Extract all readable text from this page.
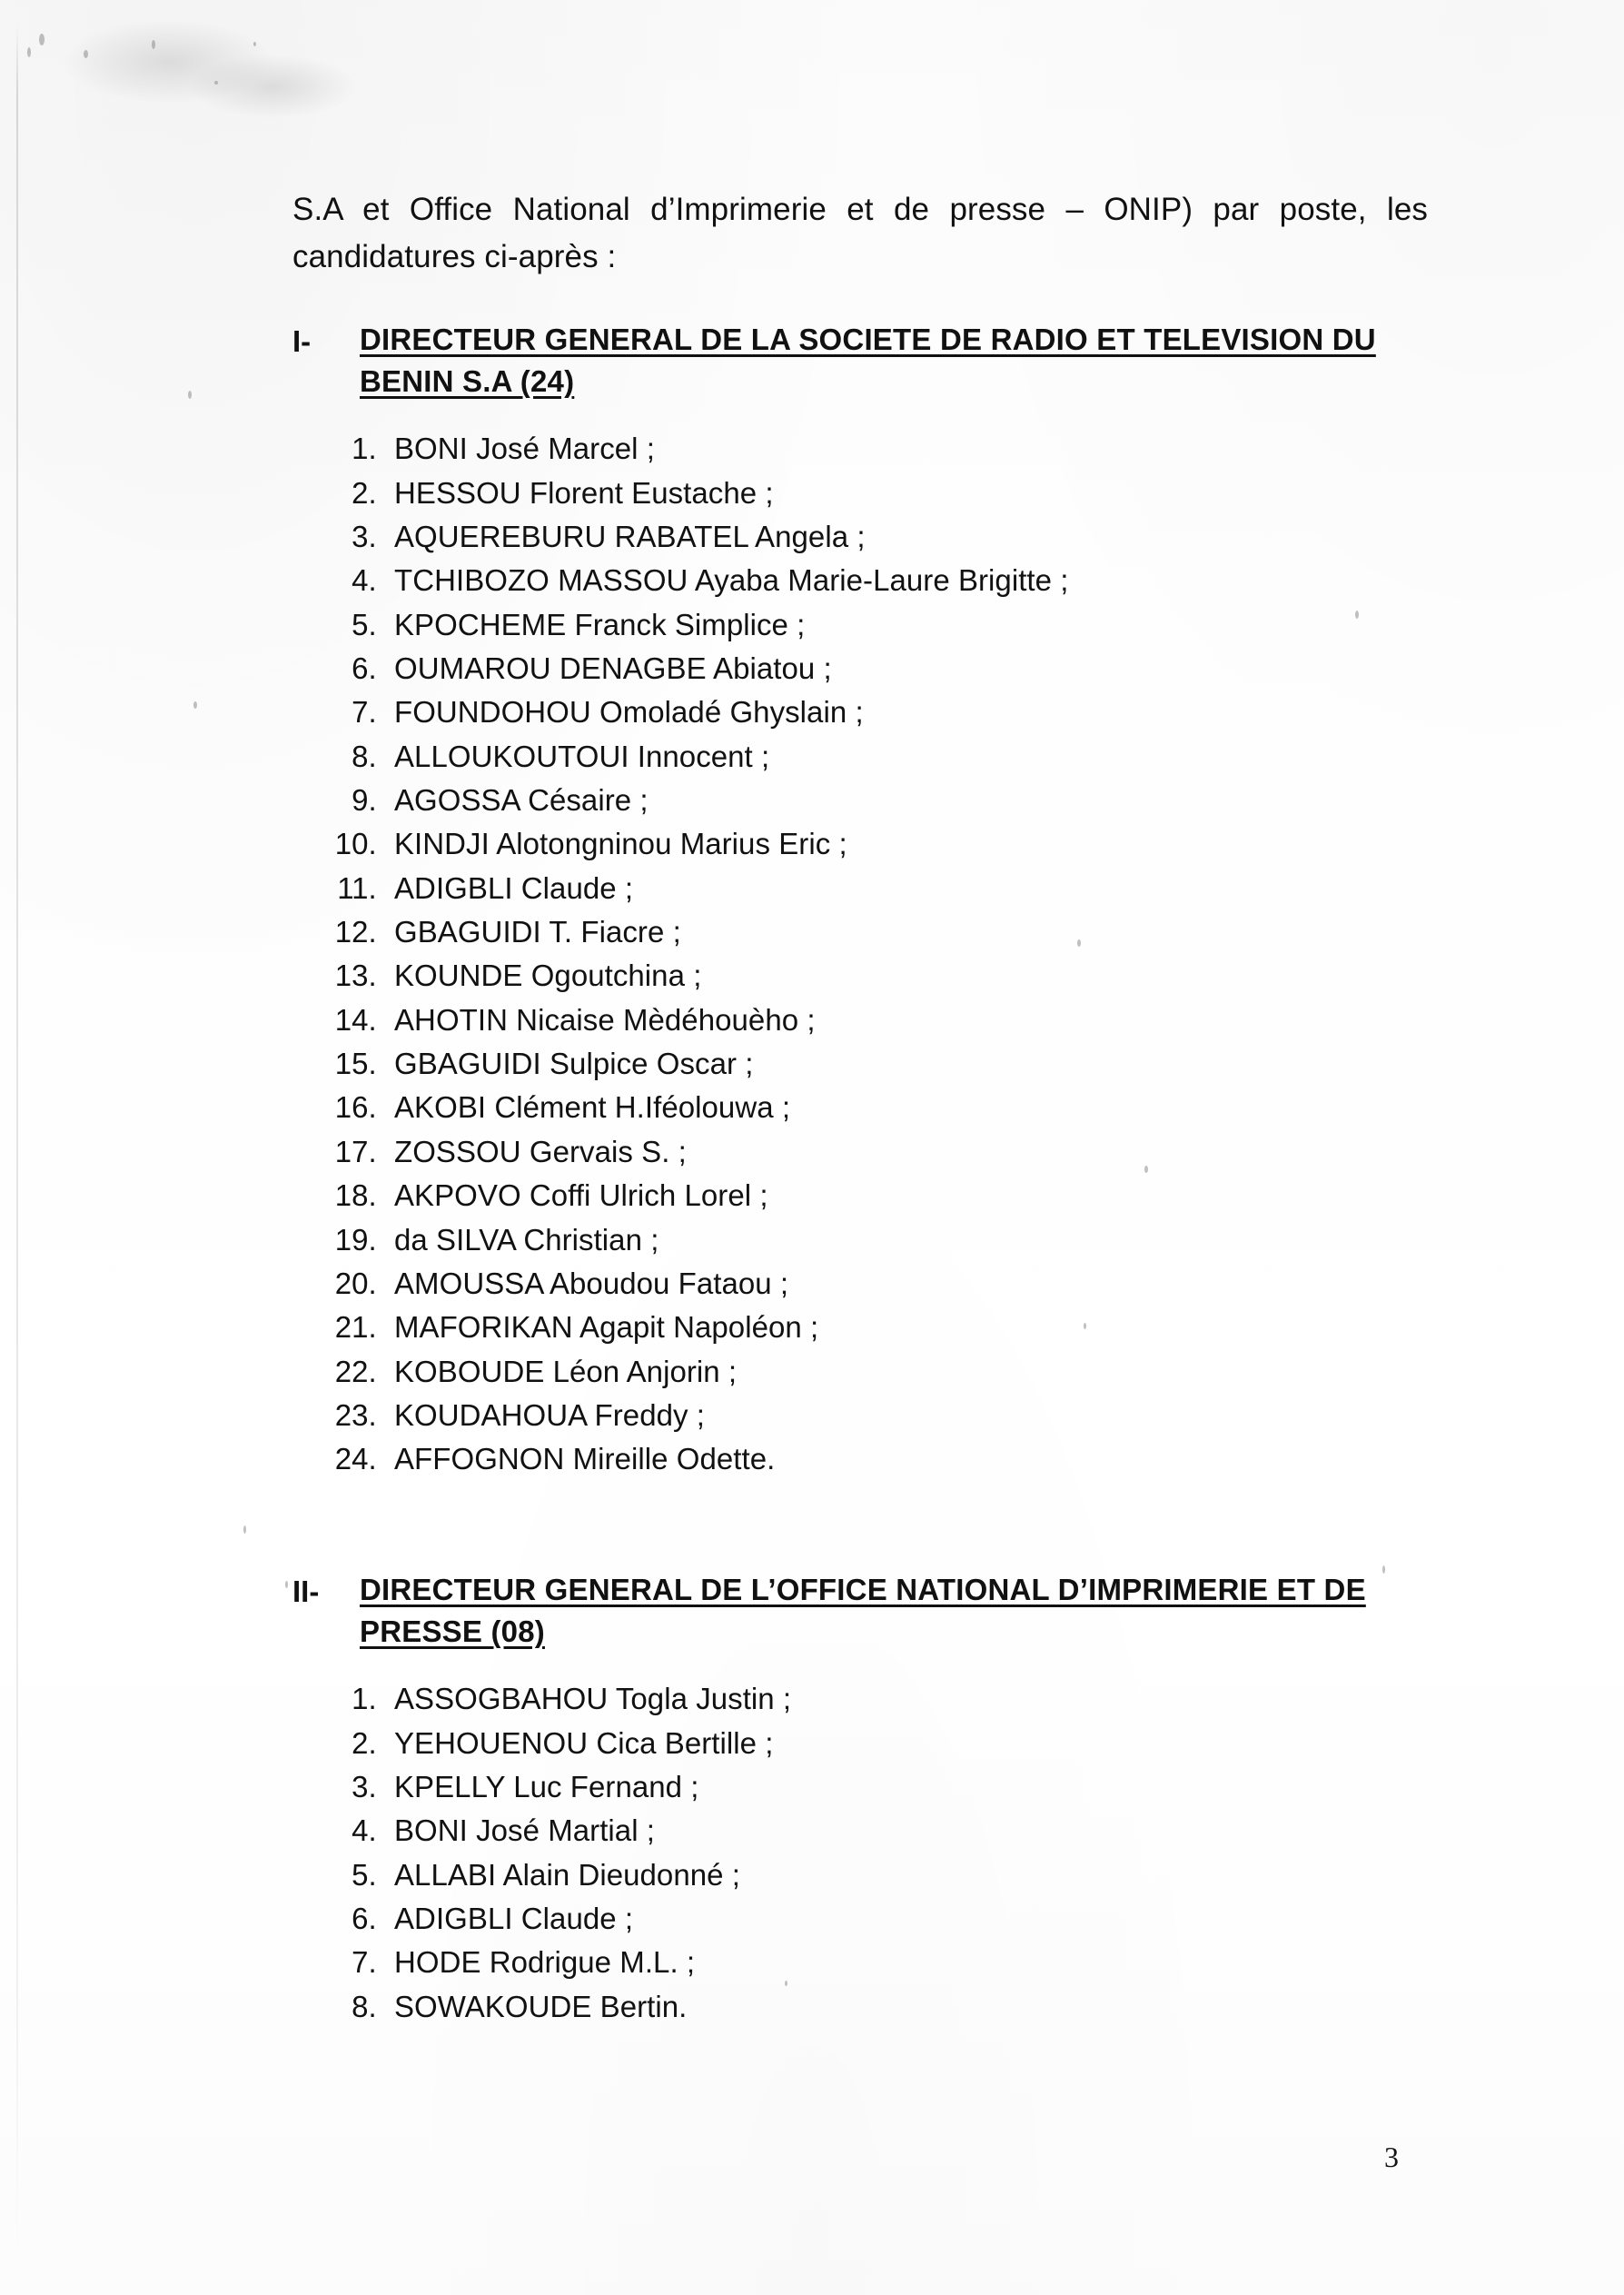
S.A et Office National d’Imprimerie et de presse – ONIP) par poste, les candidatures ci-après :

I-	DIRECTEUR GENERAL DE LA SOCIETE DE RADIO ET TELEVISION DU
BENIN S.A (24)
1. BONI José Marcel ;
2. HESSOU Florent Eustache ;
3. AQUEREBURU RABATEL Angela ;
4. TCHIBOZO MASSOU Ayaba Marie-Laure Brigitte ;
5. KPOCHEME Franck Simplice ;
6. OUMAROU DENAGBE Abiatou ;
7. FOUNDOHOU Omoladé Ghyslain ;
8. ALLOUKOUTOUI Innocent ;
9. AGOSSA Césaire ;
10. KINDJI Alotongninou Marius Eric ;
11. ADIGBLI Claude ;
12. GBAGUIDI T. Fiacre ;
13. KOUNDE Ogoutchina ;
14. AHOTIN Nicaise Mèdéhouèho ;
15. GBAGUIDI Sulpice Oscar ;
16. AKOBI Clément H.Iféolouwa ;
17. ZOSSOU Gervais S. ;
18. AKPOVO Coffi Ulrich Lorel ;
19. da SILVA Christian ;
20. AMOUSSA Aboudou Fataou ;
21. MAFORIKAN Agapit Napoléon ;
22. KOBOUDE Léon Anjorin ;
23. KOUDAHOUA Freddy ;
24. AFFOGNON Mireille Odette.
II-	DIRECTEUR GENERAL DE L’OFFICE NATIONAL D’IMPRIMERIE ET DE
PRESSE (08)
1. ASSOGBAHOU Togla Justin ;
2. YEHOUENOU Cica Bertille ;
3. KPELLY Luc Fernand ;
4. BONI José Martial ;
5. ALLABI Alain Dieudonné ;
6. ADIGBLI Claude ;
7. HODE Rodrigue M.L. ;
8. SOWAKOUDE Bertin.
3
